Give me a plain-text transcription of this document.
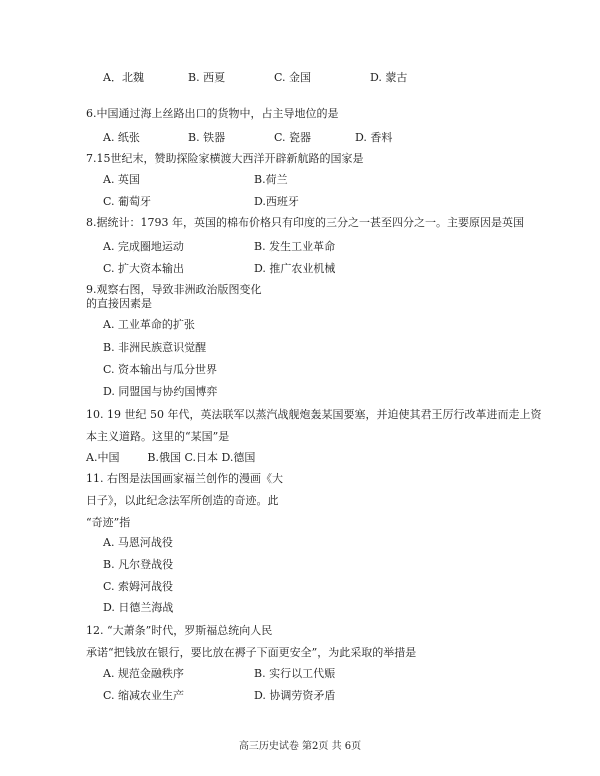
A．北魏	B. 西夏	C. 金国	D. 蒙古
6.中国通过海上丝路出口的货物中，占主导地位的是
A. 纸张	B. 铁器	C. 瓷器	D. 香料
7.15世纪末，赞助探险家横渡大西洋开辟新航路的国家是
A. 英国	B.荷兰
C. 葡萄牙	D.西班牙
8.据统计：1793 年，英国的棉布价格只有印度的三分之一甚至四分之一。主要原因是英国
A. 完成圈地运动	B. 发生工业革命
C. 扩大资本输出	D. 推广农业机械
9.观察右图，导致非洲政治版图变化
的直接因素是
A. 工业革命的扩张
B. 非洲民族意识觉醒
C. 资本输出与瓜分世界
D. 同盟国与协约国博弈
10. 19 世纪 50 年代，英法联军以蒸汽战舰炮轰某国要塞，并迫使其君王厉行改革进而走上资
本主义道路。这里的“某国”是
A.中国        B.俄国 C.日本 D.德国
11. 右图是法国画家福兰创作的漫画《大
日子》，以此纪念法军所创造的奇迹。此
“奇迹”指
A. 马恩河战役
B. 凡尔登战役
C. 索姆河战役
D. 日德兰海战
12. “大萧条”时代，罗斯福总统向人民
承诺“把钱放在银行，要比放在褥子下面更安全”，为此采取的举措是
A. 规范金融秩序	B. 实行以工代赈
C. 缩减农业生产	D. 协调劳资矛盾
高三历史试卷 第2页 共 6页
